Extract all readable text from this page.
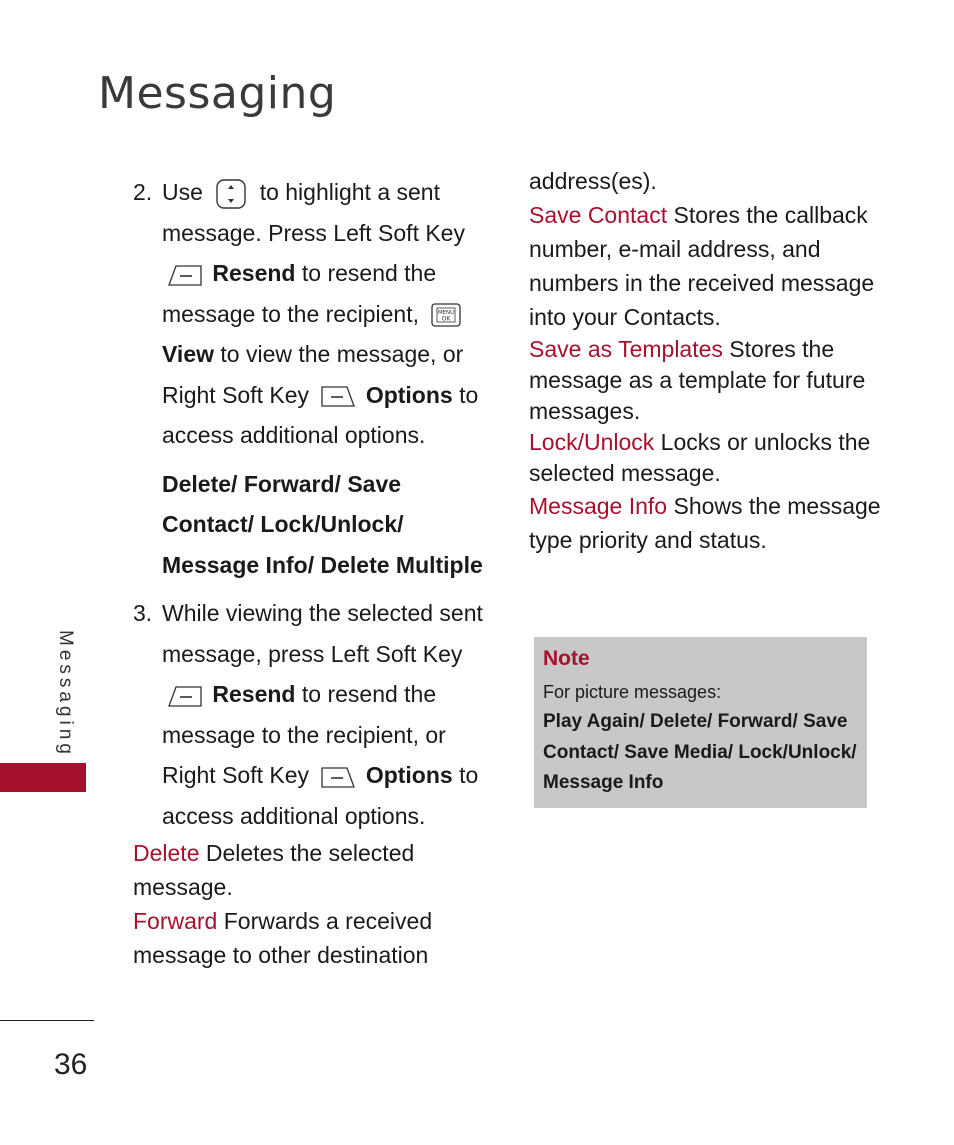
Messaging
Messaging
36
2. Use to highlight a sent message. Press Left Soft Key
Resend to resend the message to the recipient,	MENU
OK
View to view the message, or Right Soft Key Options to access additional options.
Delete/ Forward/ Save Contact/ Lock/Unlock/ Message Info/ Delete Multiple
3. While viewing the selected sent message, press Left Soft Key
Resend to resend the message to the recipient, or Right Soft Key Options to access additional options.

Delete Deletes the selected message.

Forward Forwards a received message to other destination

address(es).

Save Contact Stores the callback number, e-mail address, and numbers in the received message into your Contacts.

Save as Templates Stores the message as a template for future messages.

Lock/Unlock Locks or unlocks the selected message.

Message Info Shows the message type priority and status.

Note
For picture messages:
Play Again/ Delete/ Forward/ Save Contact/ Save Media/ Lock/Unlock/ Message Info
